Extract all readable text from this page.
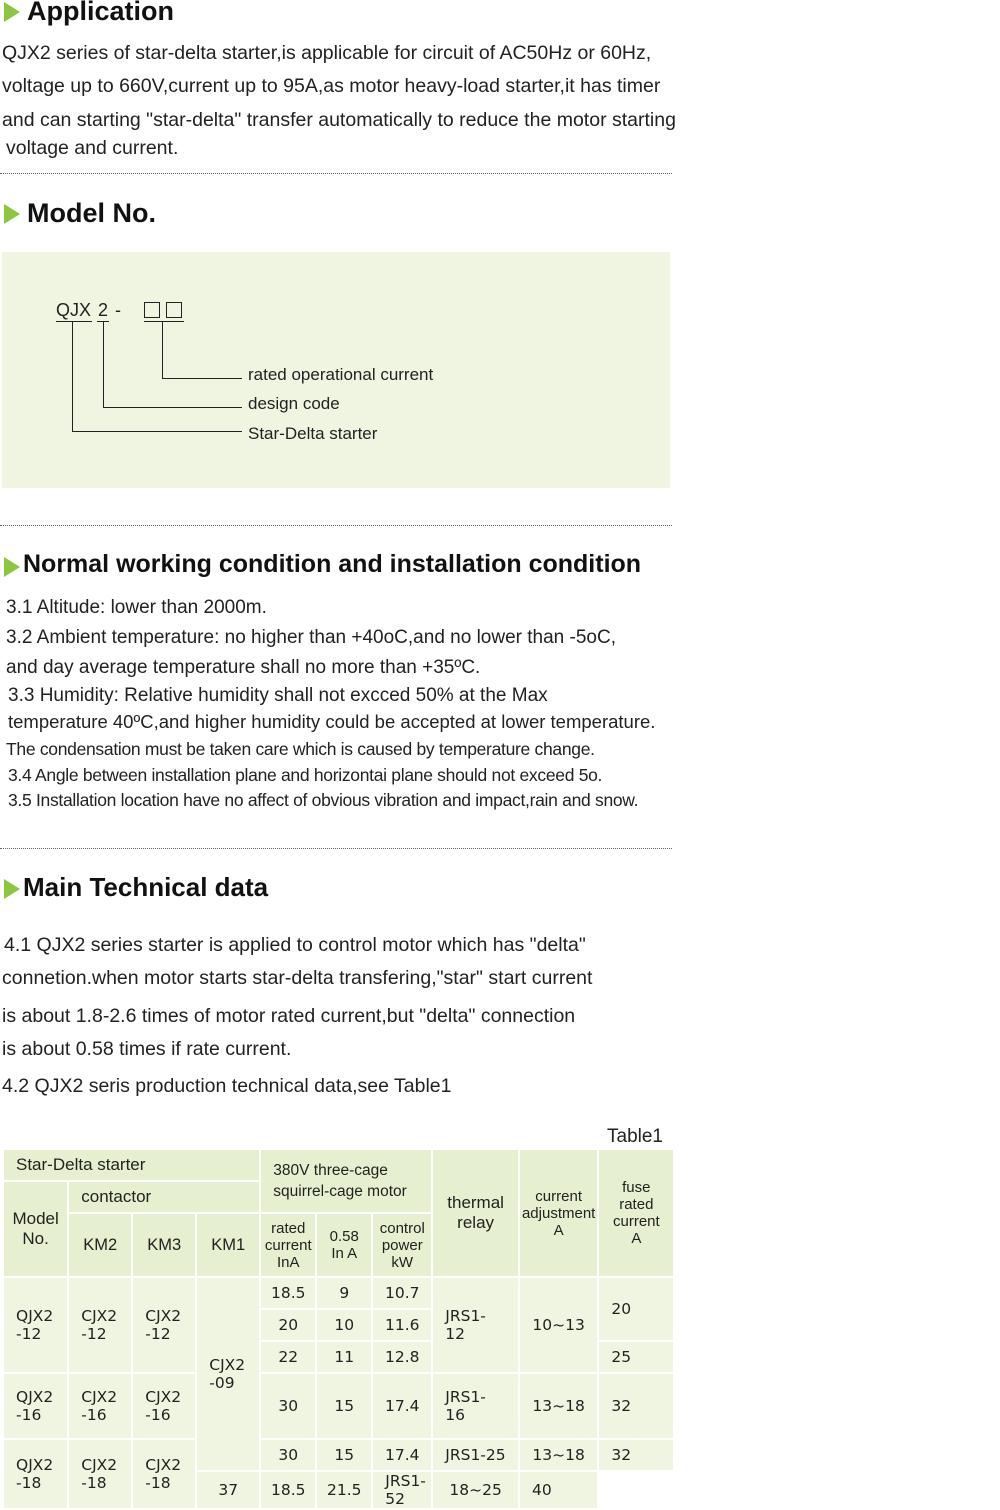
Application
QJX2 series of star-delta starter,is applicable for circuit of AC50Hz or 60Hz,
voltage up to 660V,current up to 95A,as motor heavy-load starter,it has timer
and can starting "star-delta" transfer automatically to reduce the motor starting
voltage and current.
Model No.
QJX 2 -
rated operational current
design code
Star-Delta starter
Normal working condition and installation condition
3.1 Altitude: lower than 2000m.
3.2 Ambient temperature: no higher than +40oC,and no lower than -5oC,
and day average temperature shall no more than +35ºC.
3.3 Humidity: Relative humidity shall not excced 50% at the Max
temperature 40ºC,and higher humidity could be accepted at lower temperature.
The condensation must be taken care which is caused by temperature change.
3.4 Angle between installation plane and horizontai plane should not exceed 5o.
3.5 Installation location have no affect of obvious vibration and impact,rain and snow.
Main Technical data
4.1 QJX2 series starter is applied to control motor which has "delta"
connetion.when motor starts star-delta transfering,"star" start current
is about 1.8-2.6 times of motor rated current,but "delta" connection
is about 0.58 times if rate current.
4.2 QJX2 seris production technical data,see Table1
Table1
Star-Delta starter				380V three-cage squirrel-cage motor			thermal relay	current adjustment A	fuse rated current A
Model No.	contactor								
	KM2	KM3	KM1	rated current InA	0.58 In A	control power kW			
QJX2 -12	CJX2 -12	CJX2 -12	CJX2 -09	18.5	9	10.7	JRS1- 12	10~13	20
				20	10	11.6			
				22	11	12.8			25
QJX2 -16	CJX2 -16	CJX2 -16		30	15	17.4	JRS1- 16	13~18	32
QJX2 -18	CJX2 -18	CJX2 -18		30	15	17.4	JRS1-25	13~18	32
			37	18.5	21.5	JRS1-52	18~25	40	
